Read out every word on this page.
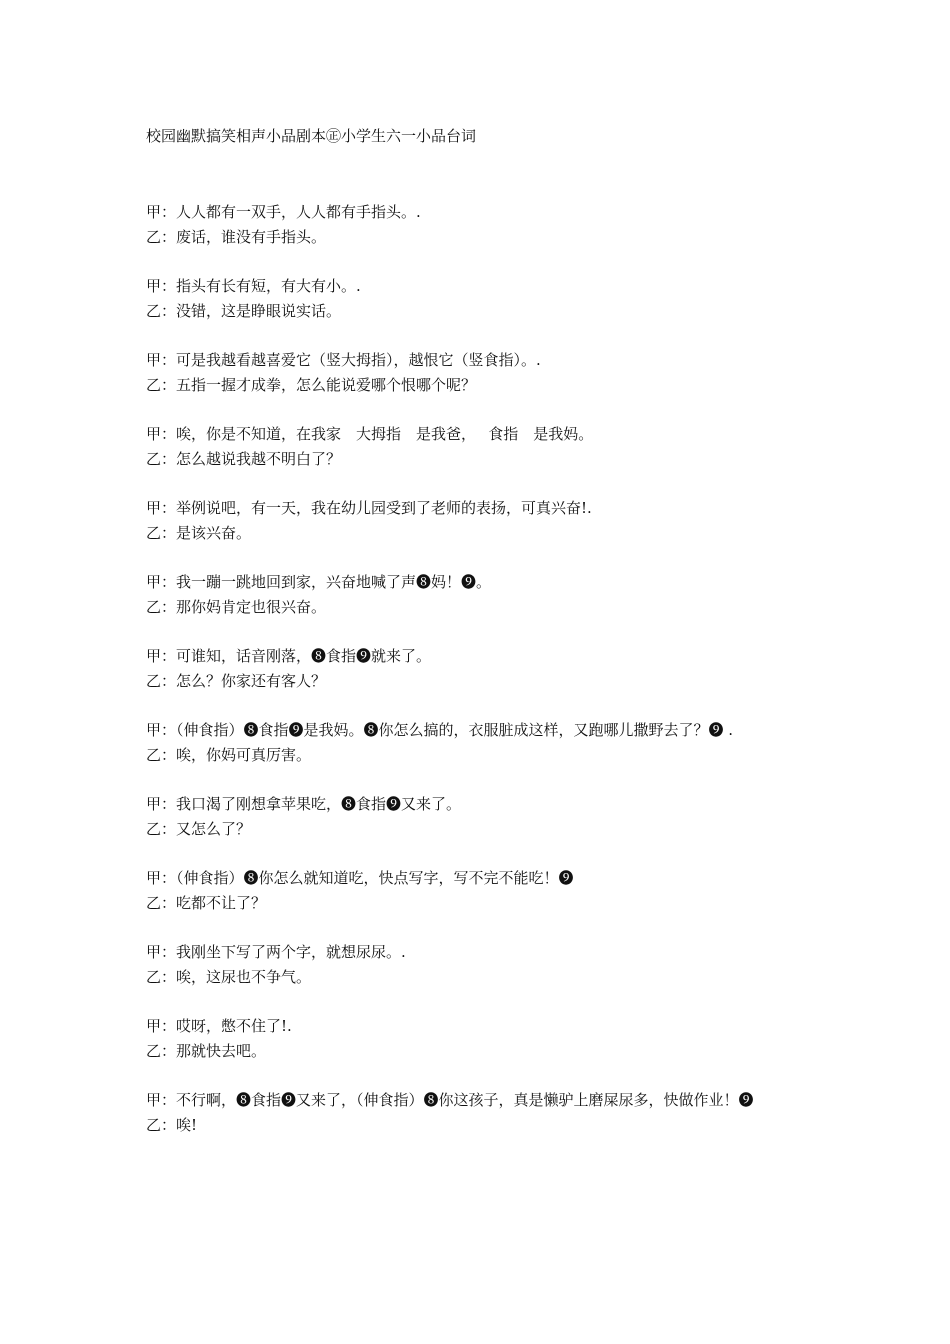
校园幽默搞笑相声小品剧本㊣小学生六一小品台词
甲：人人都有一双手，人人都有手指头。.
乙：废话，谁没有手指头。
甲：指头有长有短，有大有小。.
乙：没错，这是睁眼说实话。
甲：可是我越看越喜爱它（竖大拇指），越恨它（竖食指）。.
乙：五指一握才成拳，怎么能说爱哪个恨哪个呢？
甲：唉，你是不知道，在我家　大拇指　是我爸，　 食指　是我妈。
乙：怎么越说我越不明白了？
甲：举例说吧，有一天，我在幼儿园受到了老师的表扬，可真兴奋!.
乙：是该兴奋。
甲：我一蹦一跳地回到家，兴奋地喊了声❽妈！❾。
乙：那你妈肯定也很兴奋。
甲：可谁知，话音刚落，❽食指❾就来了。
乙：怎么？你家还有客人？
甲：（伸食指）❽食指❾是我妈。❽你怎么搞的，衣服脏成这样，又跑哪儿撒野去了？❾ .
乙：唉，你妈可真厉害。
甲：我口渴了刚想拿苹果吃，❽食指❾又来了。
乙：又怎么了？
甲：（伸食指）❽你怎么就知道吃，快点写字，写不完不能吃！❾
乙：吃都不让了？
甲：我刚坐下写了两个字，就想尿尿。.
乙：唉，这尿也不争气。
甲：哎呀，憋不住了!.
乙：那就快去吧。
甲：不行啊，❽食指❾又来了，（伸食指）❽你这孩子，真是懒驴上磨屎尿多，快做作业！❾
乙：唉!
